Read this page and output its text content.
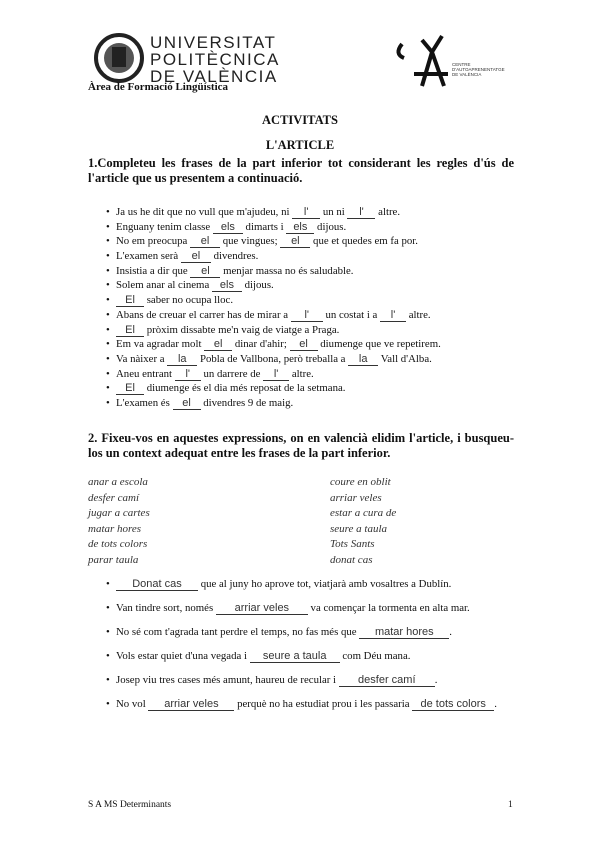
UNIVERSITAT
POLITÈCNICA
DE VALÈNCIA
Àrea de Formació Lingüística
CENTRE
D'AUTOAPRENENTATGE
DE VALÈNCIA
ACTIVITATS
L'ARTICLE
1.Completeu les frases de la part inferior tot considerant les regles d'ús de l'article que us presentem a continuació.
• Ja us he dit que no vull que m'ajudeu, ni l' un ni l' altre.
• Enguany tenim classe els dimarts i els dijous.
• No em preocupa el que vingues; el que et quedes em fa por.
• L'examen serà el divendres.
• Insistia a dir que el menjar massa no és saludable.
• Solem anar al cinema els dijous.
• El saber no ocupa lloc.
• Abans de creuar el carrer has de mirar a l' un costat i a l' altre.
• El pròxim dissabte me'n vaig de viatge a Praga.
• Em va agradar molt el dinar d'ahir; el diumenge que ve repetirem.
• Va nàixer a la Pobla de Vallbona, però treballa a la Vall d'Alba.
• Aneu entrant l' un darrere de l' altre.
• El diumenge és el dia més reposat de la setmana.
• L'examen és el divendres 9 de maig.
2. Fixeu-vos en aquestes expressions, on en valencià elidim l'article, i busqueu-los un context adequat entre les frases de la part inferior.
anar a escola
desfer camí
jugar a cartes
matar hores
de tots colors
parar taula
coure en oblit
arriar veles
estar a cura de
seure a taula
Tots Sants
donat cas
• Donat cas que al juny ho aprove tot, viatjarà amb vosaltres a Dublín.
• Van tindre sort, només arriar veles va començar la tormenta en alta mar.
• No sé com t'agrada tant perdre el temps, no fas més que matar hores .
• Vols estar quiet d'una vegada i seure a taula com Déu mana.
• Josep viu tres cases més amunt, haureu de recular i desfer camí .
• No vol arriar veles perquè no ha estudiat prou i les passaria de tots colors .
S A MS Determinants	1
